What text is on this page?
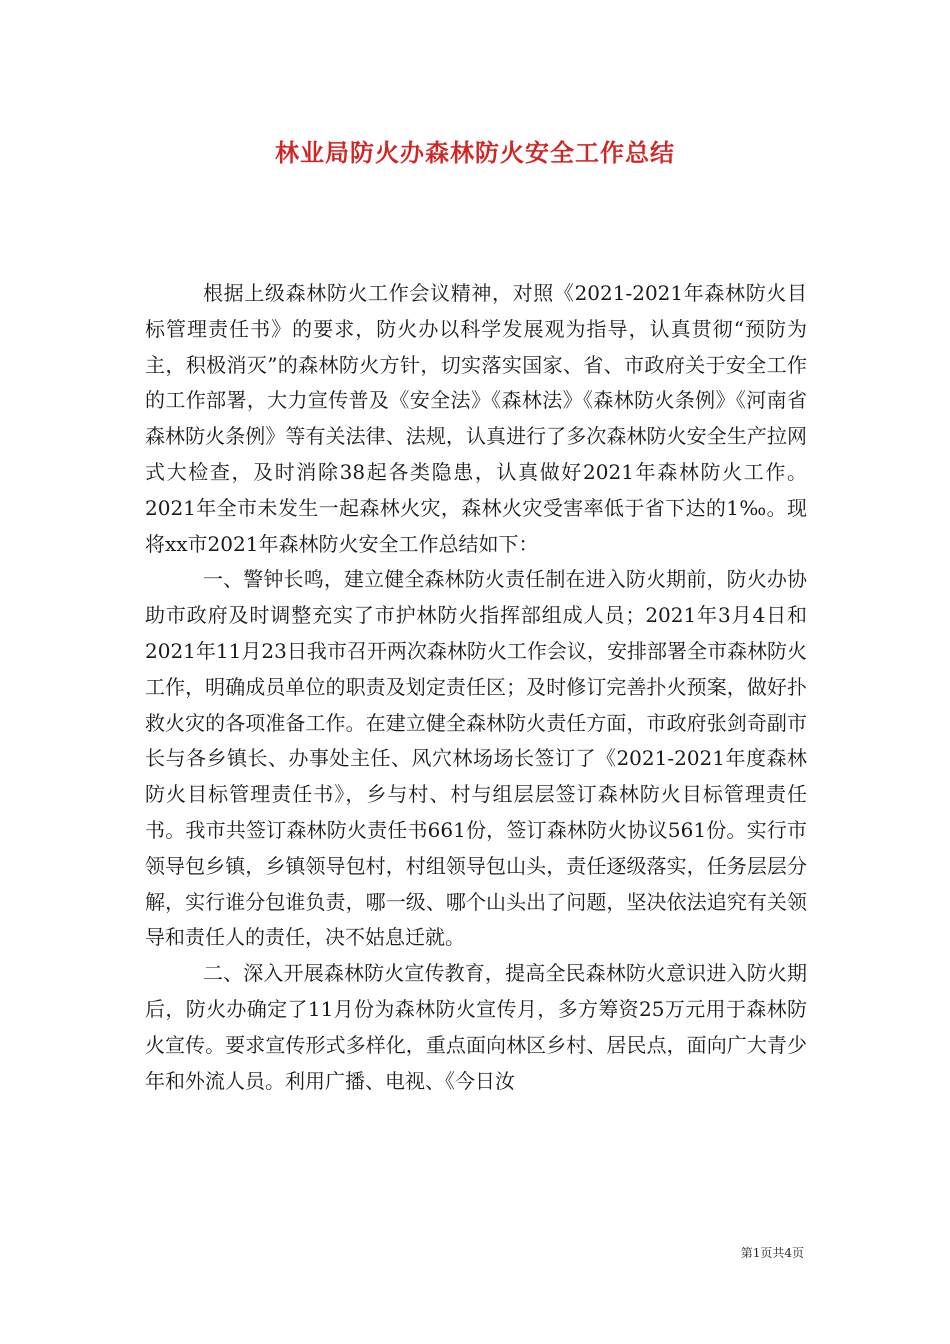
林业局防火办森林防火安全工作总结

根据上级森林防火工作会议精神，对照《2021-2021年森林防火目标管理责任书》的要求，防火办以科学发展观为指导，认真贯彻“预防为主，积极消灭”的森林防火方针，切实落实国家、省、市政府关于安全工作的工作部署，大力宣传普及《安全法》《森林法》《森林防火条例》《河南省森林防火条例》等有关法律、法规，认真进行了多次森林防火安全生产拉网式大检查，及时消除38起各类隐患，认真做好2021年森林防火工作。2021年全市未发生一起森林火灾，森林火灾受害率低于省下达的1‰。现将xx市2021年森林防火安全工作总结如下：

一、警钟长鸣，建立健全森林防火责任制在进入防火期前，防火办协助市政府及时调整充实了市护林防火指挥部组成人员；2021年3月4日和2021年11月23日我市召开两次森林防火工作会议，安排部署全市森林防火工作，明确成员单位的职责及划定责任区；及时修订完善扑火预案，做好扑救火灾的各项准备工作。在建立健全森林防火责任方面，市政府张剑奇副市长与各乡镇长、办事处主任、风穴林场场长签订了《2021-2021年度森林防火目标管理责任书》，乡与村、村与组层层签订森林防火目标管理责任书。我市共签订森林防火责任书661份，签订森林防火协议561份。实行市领导包乡镇，乡镇领导包村，村组领导包山头，责任逐级落实，任务层层分解，实行谁分包谁负责，哪一级、哪个山头出了问题，坚决依法追究有关领导和责任人的责任，决不姑息迁就。

二、深入开展森林防火宣传教育，提高全民森林防火意识进入防火期后，防火办确定了11月份为森林防火宣传月，多方筹资25万元用于森林防火宣传。要求宣传形式多样化，重点面向林区乡村、居民点，面向广大青少年和外流人员。利用广播、电视、《今日汝

第1页共4页
